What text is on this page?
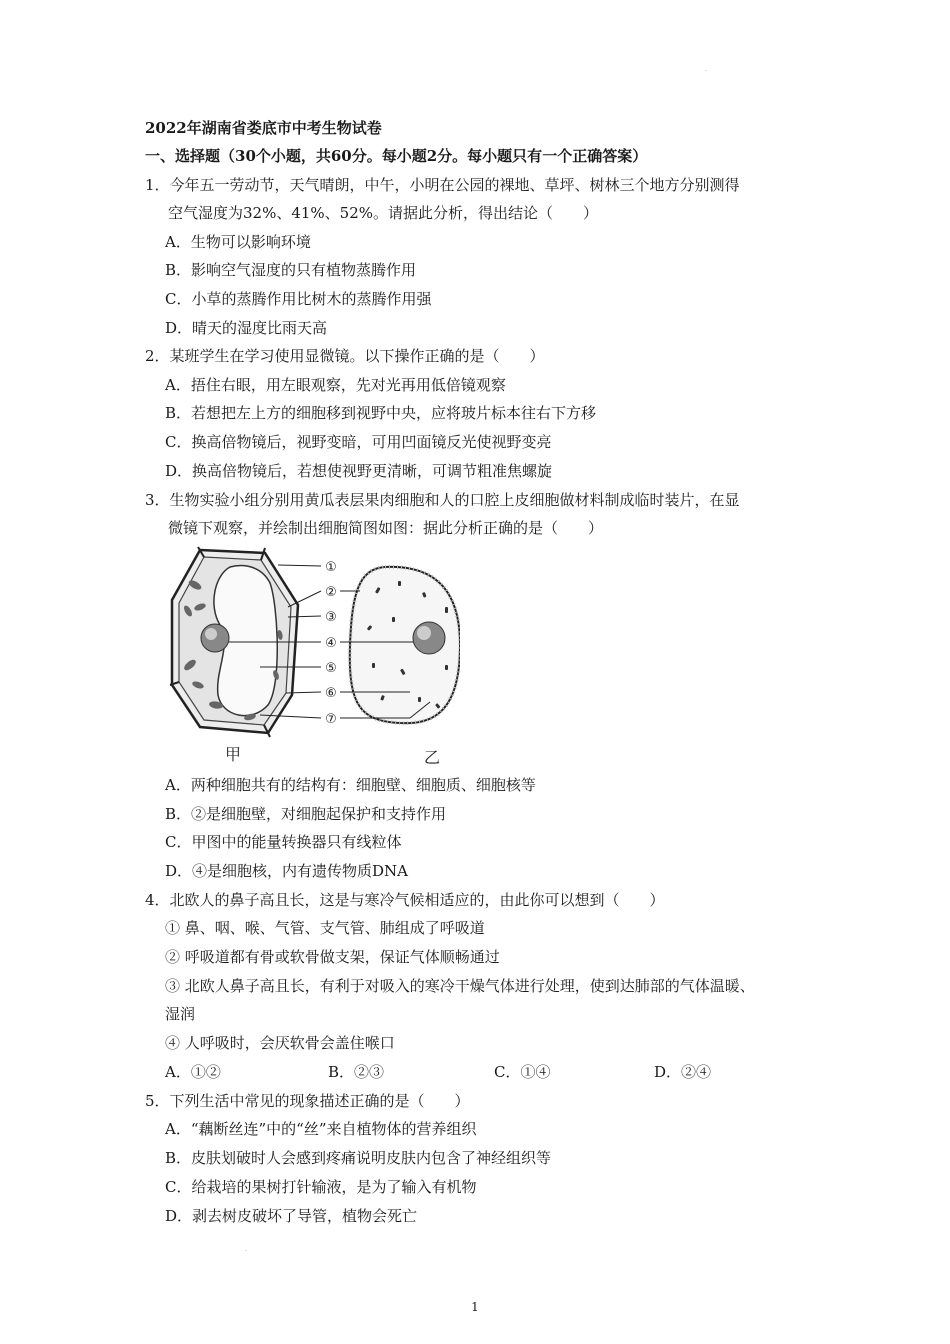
.
2022年湖南省娄底市中考生物试卷
一、选择题（30个小题，共60分。每小题2分。每小题只有一个正确答案）
1．今年五一劳动节，天气晴朗，中午，小明在公园的裸地、草坪、树林三个地方分别测得
空气湿度为32%、41%、52%。请据此分析，得出结论（　　）
A．生物可以影响环境
B．影响空气湿度的只有植物蒸腾作用
C．小草的蒸腾作用比树木的蒸腾作用强
D．晴天的湿度比雨天高
2．某班学生在学习使用显微镜。以下操作正确的是（　　）
A．捂住右眼，用左眼观察，先对光再用低倍镜观察
B．若想把左上方的细胞移到视野中央，应将玻片标本往右下方移
C．换高倍物镜后，视野变暗，可用凹面镜反光使视野变亮
D．换高倍物镜后，若想使视野更清晰，可调节粗准焦螺旋
3．生物实验小组分别用黄瓜表层果肉细胞和人的口腔上皮细胞做材料制成临时装片，在显
微镜下观察，并绘制出细胞简图如图：据此分析正确的是（　　）
①
②
③
④
⑤
⑥
⑦
甲	乙
A．两种细胞共有的结构有：细胞壁、细胞质、细胞核等
B．②是细胞壁，对细胞起保护和支持作用
C．甲图中的能量转换器只有线粒体
D．④是细胞核，内有遗传物质DNA
4．北欧人的鼻子高且长，这是与寒冷气候相适应的，由此你可以想到（　　）
① 鼻、咽、喉、气管、支气管、肺组成了呼吸道
② 呼吸道都有骨或软骨做支架，保证气体顺畅通过
③ 北欧人鼻子高且长，有利于对吸入的寒冷干燥气体进行处理，使到达肺部的气体温暖、
湿润
④ 人呼吸时，会厌软骨会盖住喉口
A．①②	B．②③	C．①④	D．②④
5．下列生活中常见的现象描述正确的是（　　）
A．“藕断丝连”中的“丝”来自植物体的营养组织
B．皮肤划破时人会感到疼痛说明皮肤内包含了神经组织等
C．给栽培的果树打针输液，是为了输入有机物
D．剥去树皮破坏了导管，植物会死亡
.
1
